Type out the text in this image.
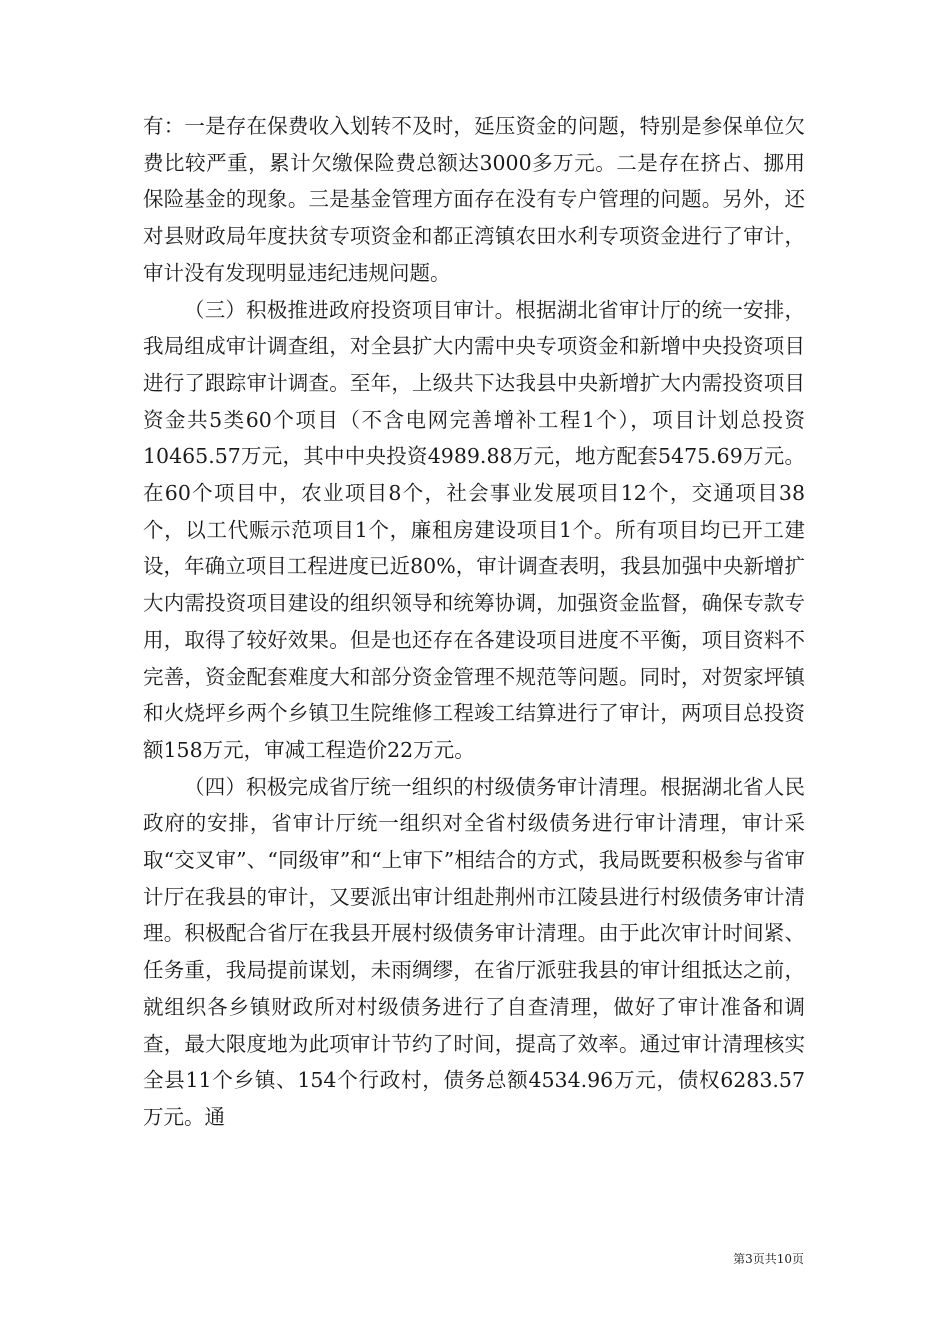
有：一是存在保费收入划转不及时，延压资金的问题，特别是参保单位欠费比较严重，累计欠缴保险费总额达3000多万元。二是存在挤占、挪用保险基金的现象。三是基金管理方面存在没有专户管理的问题。另外，还对县财政局年度扶贫专项资金和都正湾镇农田水利专项资金进行了审计，审计没有发现明显违纪违规问题。

（三）积极推进政府投资项目审计。根据湖北省审计厅的统一安排，我局组成审计调查组，对全县扩大内需中央专项资金和新增中央投资项目进行了跟踪审计调查。至年，上级共下达我县中央新增扩大内需投资项目资金共5类60个项目（不含电网完善增补工程1个），项目计划总投资10465.57万元，其中中央投资4989.88万元，地方配套5475.69万元。在60个项目中，农业项目8个，社会事业发展项目12个，交通项目38个，以工代赈示范项目1个，廉租房建设项目1个。所有项目均已开工建设，年确立项目工程进度已近80%，审计调查表明，我县加强中央新增扩大内需投资项目建设的组织领导和统筹协调，加强资金监督，确保专款专用，取得了较好效果。但是也还存在各建设项目进度不平衡，项目资料不完善，资金配套难度大和部分资金管理不规范等问题。同时，对贺家坪镇和火烧坪乡两个乡镇卫生院维修工程竣工结算进行了审计，两项目总投资额158万元，审减工程造价22万元。

（四）积极完成省厅统一组织的村级债务审计清理。根据湖北省人民政府的安排，省审计厅统一组织对全省村级债务进行审计清理，审计采取“交叉审”、“同级审”和“上审下”相结合的方式，我局既要积极参与省审计厅在我县的审计，又要派出审计组赴荆州市江陵县进行村级债务审计清理。积极配合省厅在我县开展村级债务审计清理。由于此次审计时间紧、任务重，我局提前谋划，未雨绸缪，在省厅派驻我县的审计组抵达之前，就组织各乡镇财政所对村级债务进行了自查清理，做好了审计准备和调查，最大限度地为此项审计节约了时间，提高了效率。通过审计清理核实全县11个乡镇、154个行政村，债务总额4534.96万元，债权6283.57万元。通

第3页共10页
